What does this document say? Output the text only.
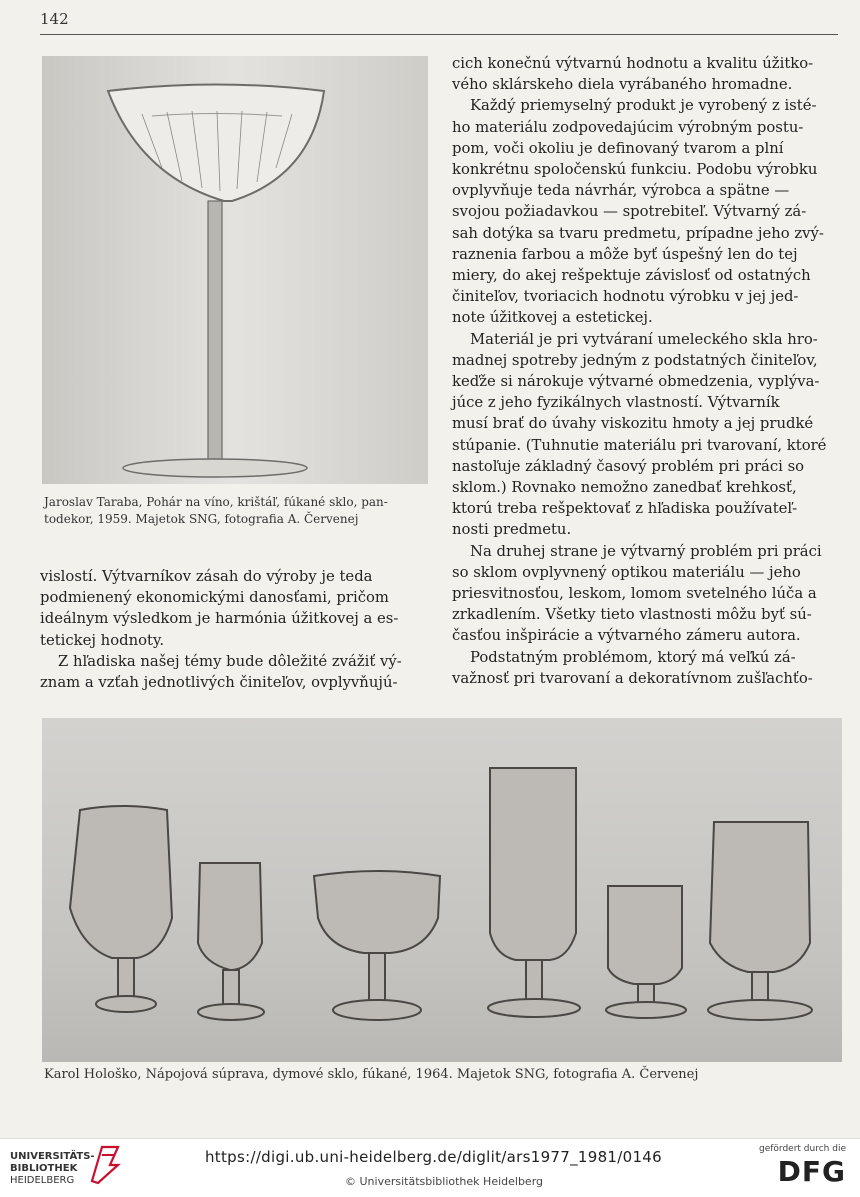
142
Jaroslav Taraba, Pohár na víno, krištáľ, fúkané sklo, pan-
todekor, 1959. Majetok SNG, fotografia A. Červenej

cich konečnú výtvarnú hodnotu a kvalitu úžitko-

vého sklárskeho diela vyrábaného hromadne.

Každý priemyselný produkt je vyrobený z isté-

ho materiálu zodpovedajúcim výrobným postu-

pom, voči okoliu je definovaný tvarom a plní

konkrétnu spoločenskú funkciu. Podobu výrobku

ovplyvňuje teda návrhár, výrobca a spätne —

svojou požiadavkou — spotrebiteľ. Výtvarný zá-

sah dotýka sa tvaru predmetu, prípadne jeho zvý-

raznenia farbou a môže byť úspešný len do tej

miery, do akej rešpektuje závislosť od ostatných

činiteľov, tvoriacich hodnotu výrobku v jej jed-

note úžitkovej a estetickej.

Materiál je pri vytváraní umeleckého skla hro-

madnej spotreby jedným z podstatných činiteľov,

keďže si nárokuje výtvarné obmedzenia, vyplýva-

júce z jeho fyzikálnych vlastností. Výtvarník

musí brať do úvahy viskozitu hmoty a jej prudké

stúpanie. (Tuhnutie materiálu pri tvarovaní, ktoré

nastoľuje základný časový problém pri práci so

sklom.) Rovnako nemožno zanedbať krehkosť,

ktorú treba rešpektovať z hľadiska používateľ-

nosti predmetu.

Na druhej strane je výtvarný problém pri práci

so sklom ovplyvnený optikou materiálu — jeho

priesvitnosťou, leskom, lomom svetelného lúča a

zrkadlením. Všetky tieto vlastnosti môžu byť sú-

časťou inšpirácie a výtvarného zámeru autora.

Podstatným problémom, ktorý má veľkú zá-

važnosť pri tvarovaní a dekoratívnom zušľachťo-

vislostí. Výtvarníkov zásah do výroby je teda

podmienený ekonomickými danosťami, pričom

ideálnym výsledkom je harmónia úžitkovej a es-

tetickej hodnoty.

Z hľadiska našej témy bude dôležité zvážiť vý-

znam a vzťah jednotlivých činiteľov, ovplyvňujú-

Karol Hološko, Nápojová súprava, dymové sklo, fúkané, 1964. Majetok SNG, fotografia A. Červenej
UNIVERSITÄTS-
BIBLIOTHEK
HEIDELBERG
https://digi.ub.uni-heidelberg.de/diglit/ars1977_1981/0146
© Universitätsbibliothek Heidelberg
gefördert durch die
DFG
